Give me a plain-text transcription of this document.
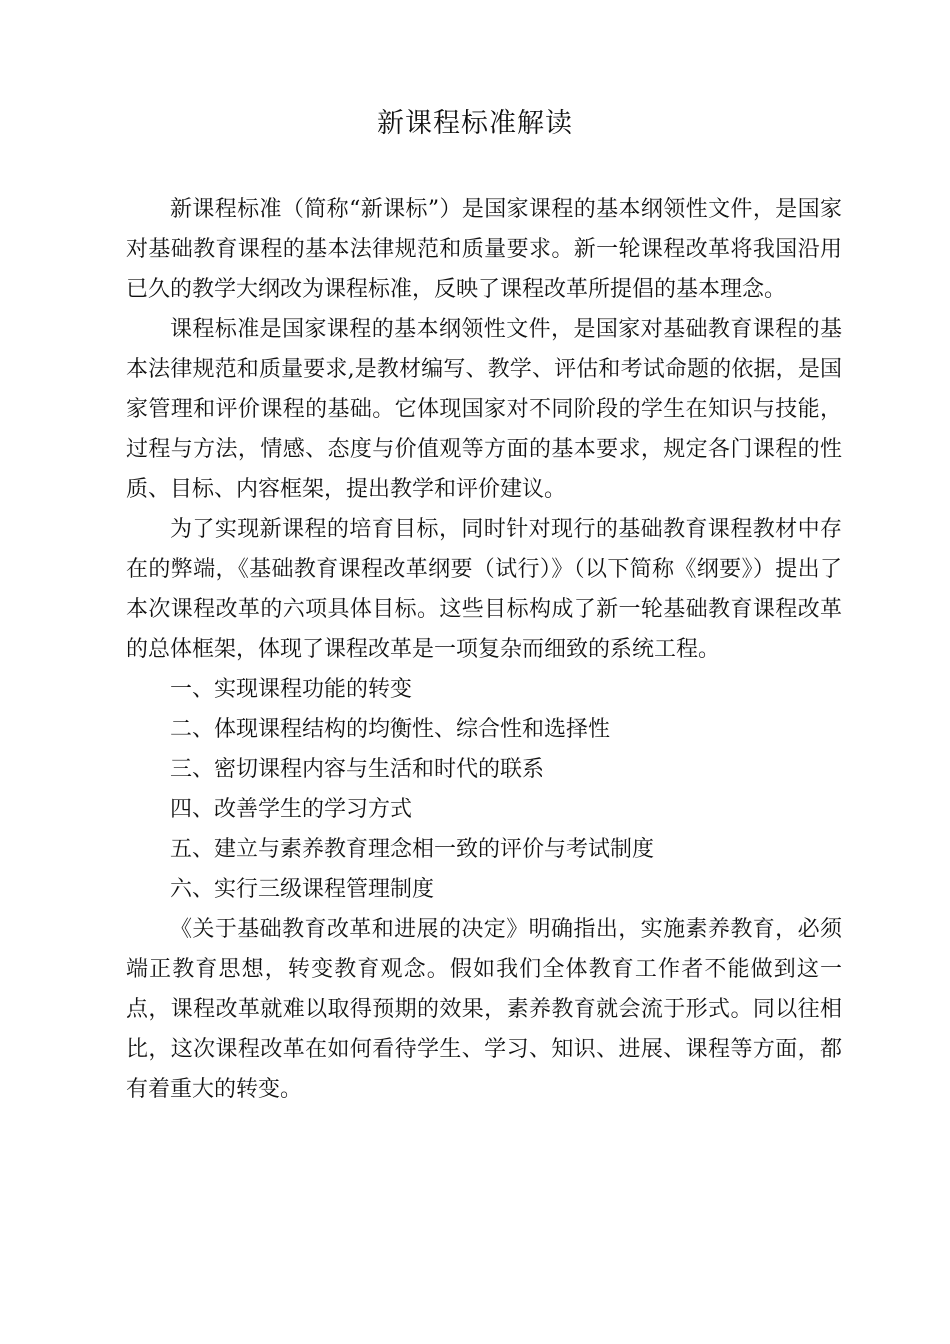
新课程标准解读

新课程标准（简称“新课标”）是国家课程的基本纲领性文件，是国家对基础教育课程的基本法律规范和质量要求。新一轮课程改革将我国沿用已久的教学大纲改为课程标准，反映了课程改革所提倡的基本理念。

课程标准是国家课程的基本纲领性文件，是国家对基础教育课程的基本法律规范和质量要求,是教材编写、教学、评估和考试命题的依据，是国家管理和评价课程的基础。它体现国家对不同阶段的学生在知识与技能，过程与方法，情感、态度与价值观等方面的基本要求，规定各门课程的性质、目标、内容框架，提出教学和评价建议。

为了实现新课程的培育目标，同时针对现行的基础教育课程教材中存在的弊端，《基础教育课程改革纲要（试行）》（以下简称《纲要》）提出了本次课程改革的六项具体目标。这些目标构成了新一轮基础教育课程改革的总体框架，体现了课程改革是一项复杂而细致的系统工程。

一、实现课程功能的转变

二、体现课程结构的均衡性、综合性和选择性

三、密切课程内容与生活和时代的联系

四、改善学生的学习方式

五、建立与素养教育理念相一致的评价与考试制度

六、实行三级课程管理制度

《关于基础教育改革和进展的决定》明确指出，实施素养教育，必须端正教育思想，转变教育观念。假如我们全体教育工作者不能做到这一点，课程改革就难以取得预期的效果，素养教育就会流于形式。同以往相比，这次课程改革在如何看待学生、学习、知识、进展、课程等方面，都有着重大的转变。
